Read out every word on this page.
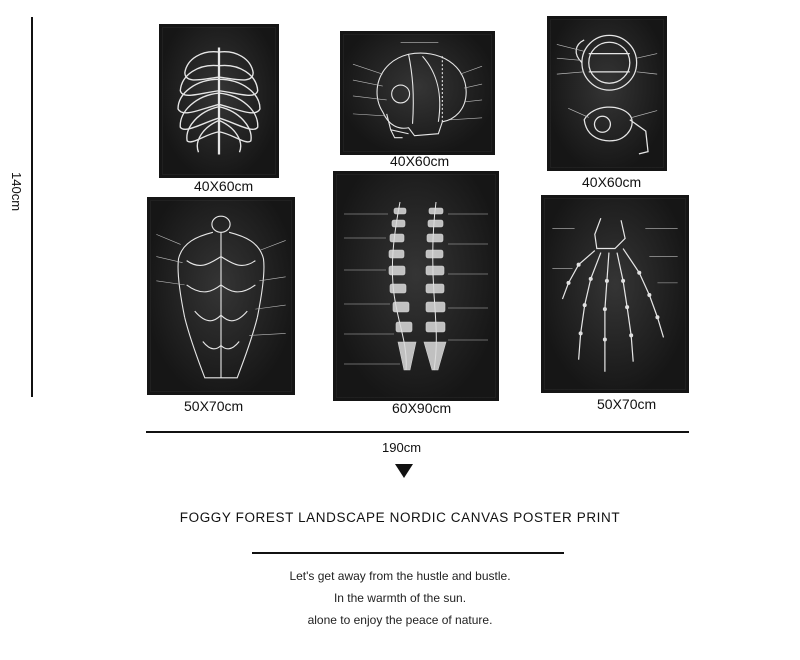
140cm	40X60cm
40X60cm
40X60cm
50X70cm	60X90cm	50X70cm
190cm
FOGGY FOREST LANDSCAPE NORDIC CANVAS POSTER PRINT
Let's get away from the hustle and bustle.
In the warmth of the sun.
alone to enjoy the peace of nature.
